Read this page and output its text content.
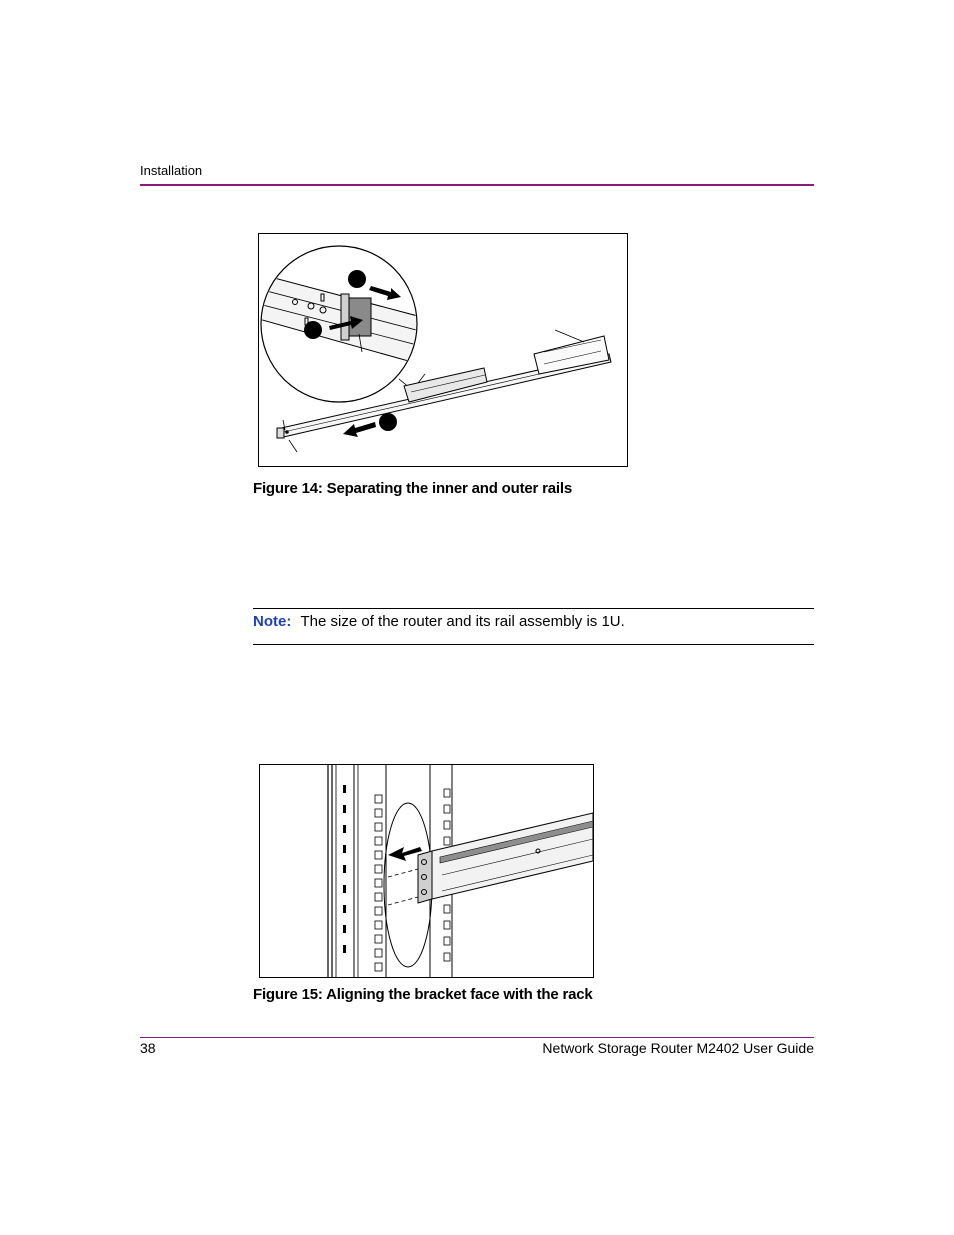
Installation
Figure 14: Separating the inner and outer rails
Note: The size of the router and its rail assembly is 1U.
Figure 15: Aligning the bracket face with the rack
38	Network Storage Router M2402 User Guide
